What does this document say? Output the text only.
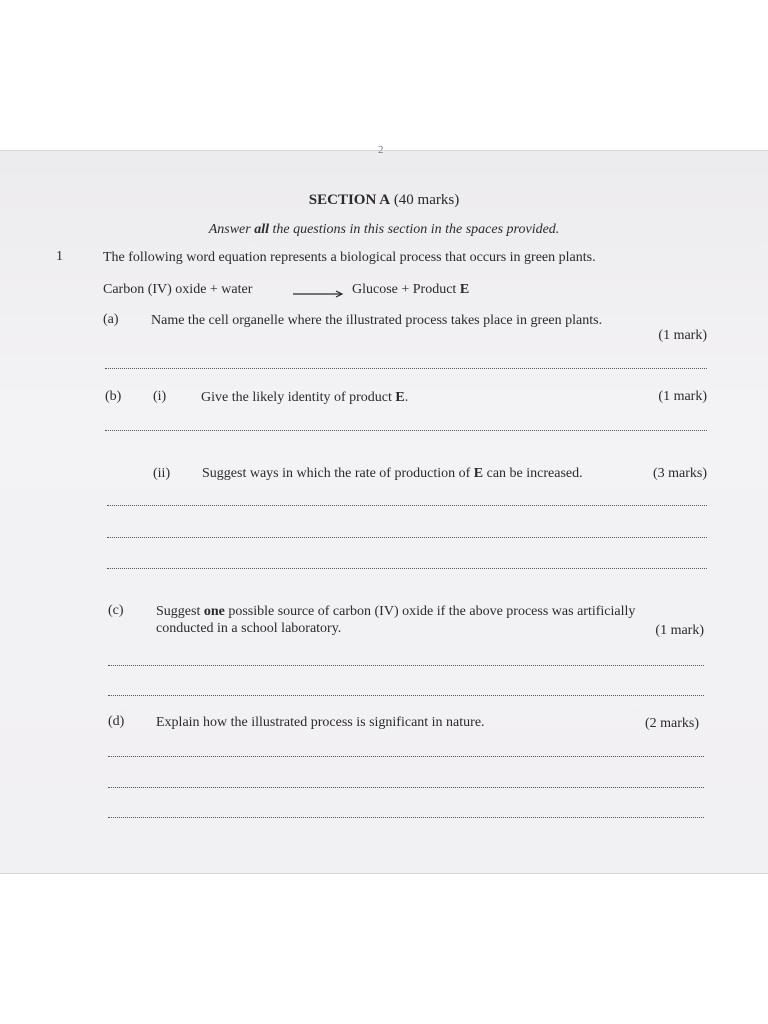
2
SECTION A (40 marks)
Answer all the questions in this section in the spaces provided.
1	The following word equation represents a biological process that occurs in green plants.
Carbon (IV) oxide + water	Glucose + Product E
(a) Name the cell organelle where the illustrated process takes place in green plants.
(1 mark)
(b) (i) Give the likely identity of product E.	(1 mark)
(ii) Suggest ways in which the rate of production of E can be increased.	(3 marks)
(c) Suggest one possible source of carbon (IV) oxide if the above process was artificially
conducted in a school laboratory.	(1 mark)
(d) Explain how the illustrated process is significant in nature.	(2 marks)
